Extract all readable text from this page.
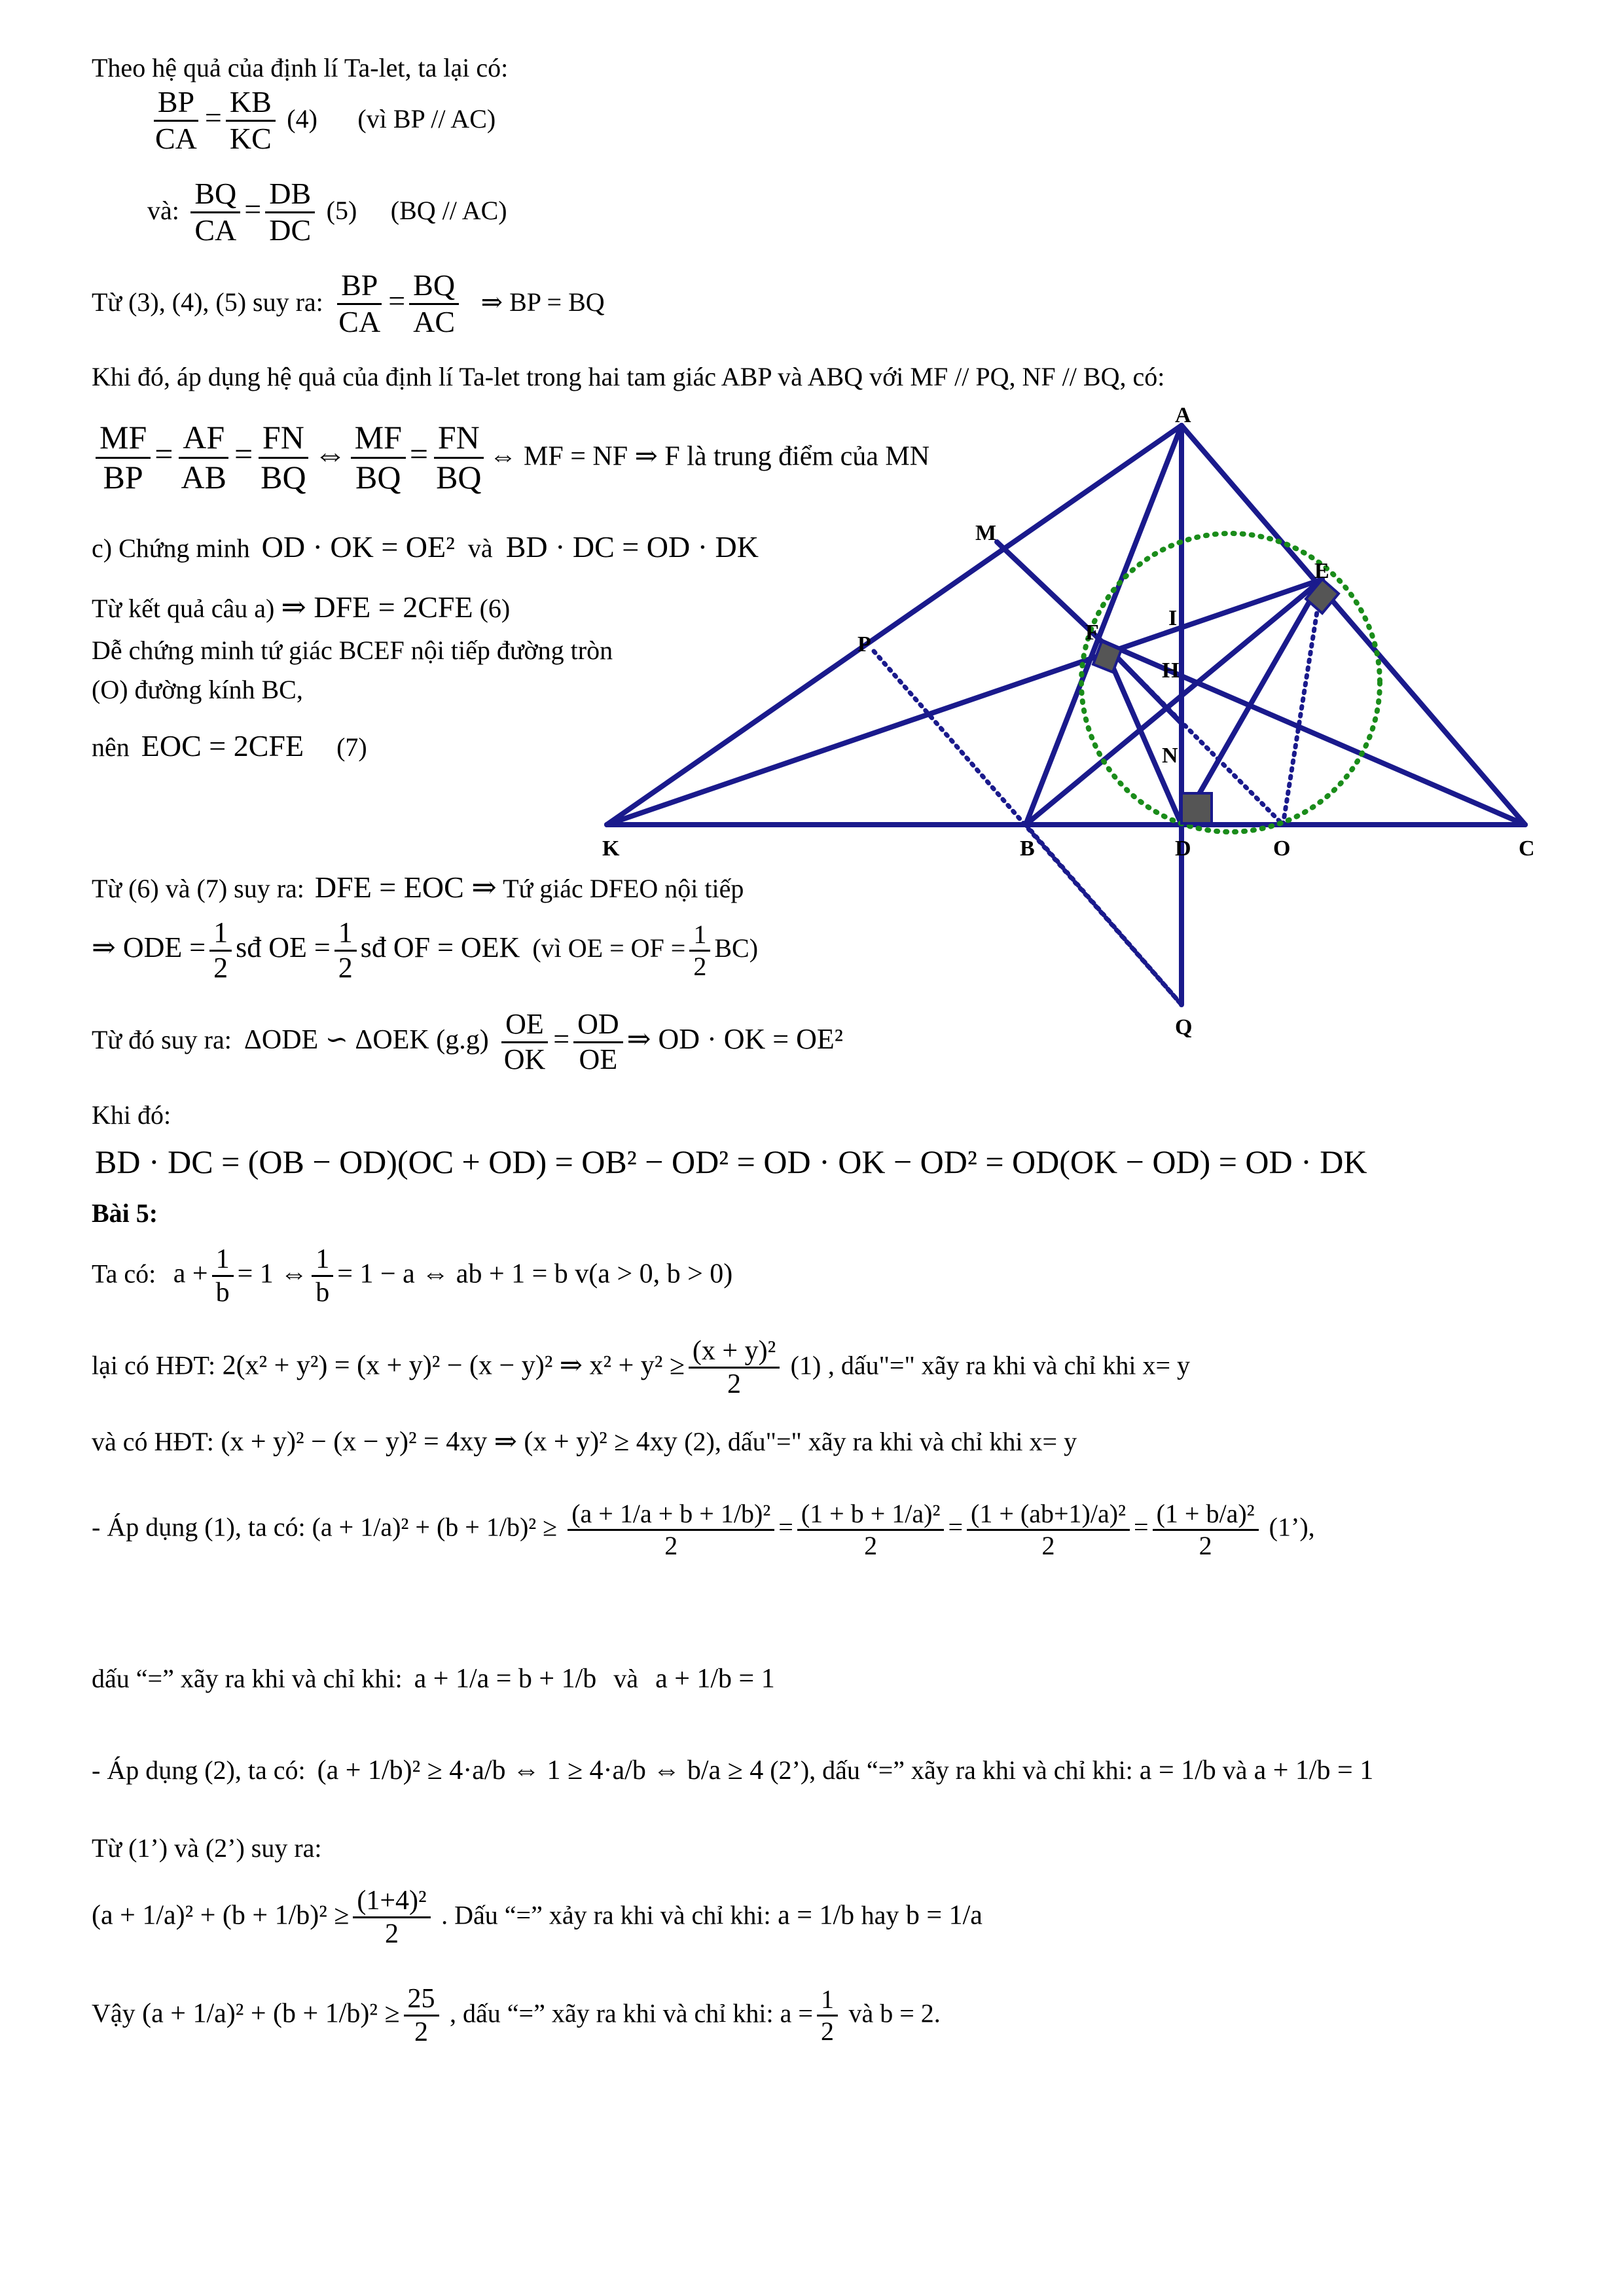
Theo hệ quả của định lí Ta-let, ta lại có:
$\frac{BP}{CA} = \frac{KB}{KC} (4)$ (vì BP // AC)
và: $\frac{BQ}{CA} = \frac{DB}{DC} (5)$ (BQ // AC)
Từ (3), (4), (5) suy ra: $\frac{BP}{CA} = \frac{BQ}{AC}$ ⇒ BP = BQ
Khi đó, áp dụng hệ quả của định lí Ta-let trong hai tam giác ABP và ABQ với MF // PQ, NF // BQ, có:
$\frac{MF}{BP} = \frac{AF}{AB} = \frac{FN}{BQ}$ ⇔ $\frac{MF}{BQ} = \frac{FN}{BQ}$ ⇔ MF = NF ⇒ F là trung điểm của MN
c) Chứng minh OD · OK = OE² và BD · DC = OD · DK
Từ kết quả câu a) ⇒ DFE = 2CFE (6)
Dễ chứng minh tứ giác BCEF nội tiếp đường tròn
(O) đường kính BC,
nên EOC = 2CFE (7)
A
M
E
I
P	F
H
N
K	B	D	O	C
Q
Từ (6) và (7) suy ra: DFE = EOC ⇒ Tứ giác DFEO nội tiếp
⇒ ODE = $\frac{1}{2}$ sđ OE = $\frac{1}{2}$ sđ OF = OEK (vì OE = OF = $\frac{1}{2} BC$)
Từ đó suy ra: ΔODE ∽ ΔOEK $(g.g) \frac{OE}{OK} = \frac{OD}{OE}$ ⇒ OD · OK = OE²
Khi đó:
BD · DC = (OB − OD)(OC + OD) = OB² − OD² = OD · OK − OD² = OD(OK − OD) = OD · DK
Bài 5:
Ta có: $a + \frac{1}{b} = 1$ ⇔ $\frac{1}{b} = 1 - a$ ⇔ ab + 1 = b v(a > 0, b > 0)
lại có HĐT: 2(x² + y²) = (x + y)² − (x − y)² ⇒ $x^2 + y^2 \ge \frac{\text{(x + y)²}}{2} (1)$ , dấu"=" xãy ra khi và chỉ khi x= y
và có HĐT: (x + y)² − (x − y)² = 4xy ⇒ (x + y)² ≥ 4xy (2), dấu"=" xãy ra khi và chỉ khi x= y
- Áp dụng (1), ta có: $(a + 1/a)^2 + (b + 1/b)^2 \ge \frac{\text{(a + 1/a + b + 1/b)²}}{2} = \frac{\text{(1 + b + 1/a)²}}{2} = \frac{\text{(1 + (ab+1)/a)²}}{2} = \frac{\text{(1 + b/a)²}}{2}$ (1’),
dấu “=” xãy ra khi và chỉ khi: a + 1/a = b + 1/b và a + 1/b = 1
- Áp dụng (2), ta có: (a + 1/b)² ≥ 4·a/b ⇔ 1 ≥ 4·a/b ⇔ b/a ≥ 4 (2’), dấu “=” xãy ra khi và chỉ khi: a = 1/b và a + 1/b = 1
Từ (1’) và (2’) suy ra:
$(a + 1/a)^2 + (b + 1/b)^2 \ge \frac{\text{(1+4)²}}{2}$ . Dấu “=” xảy ra khi và chỉ khi: a = 1/b hay b = 1/a
Vậy $(a + 1/a)^2 + (b + 1/b)^2 \ge \frac{25}{2}$ , dấu “=” xãy ra khi và chỉ khi: $a = \frac{1}{2}$ và b = 2.
